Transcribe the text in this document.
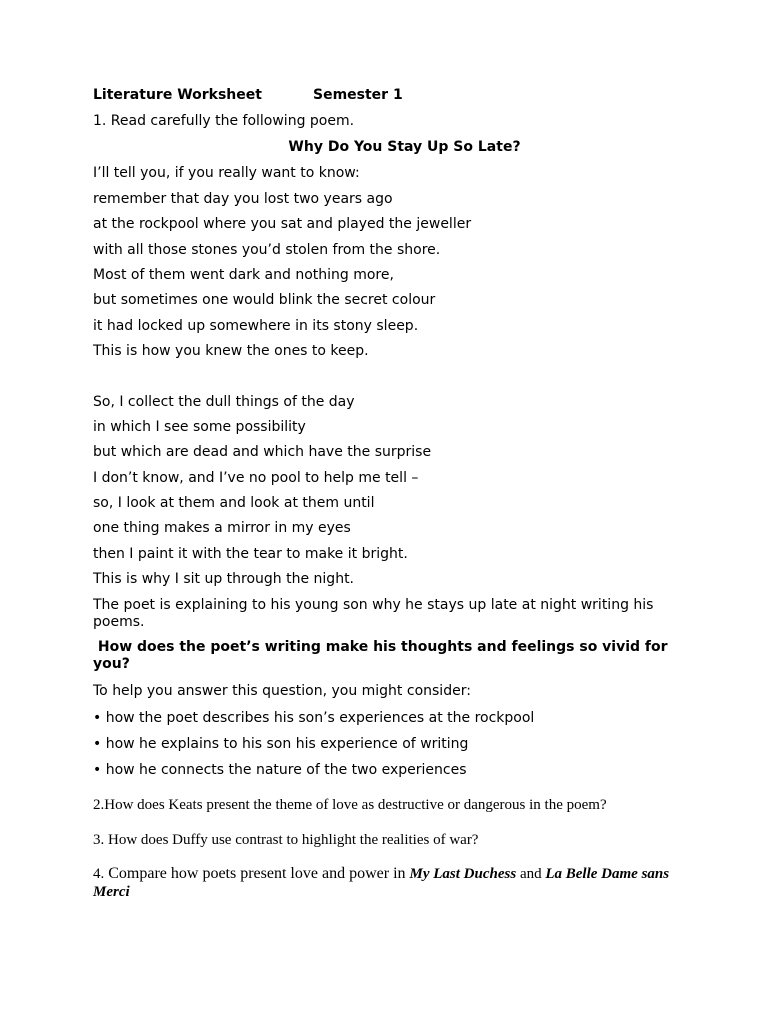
Literature Worksheet	Semester 1
1. Read carefully the following poem.
Why Do You Stay Up So Late?
I’ll tell you, if you really want to know:
remember that day you lost two years ago
at the rockpool where you sat and played the jeweller
with all those stones you’d stolen from the shore.
Most of them went dark and nothing more,
but sometimes one would blink the secret colour
it had locked up somewhere in its stony sleep.
This is how you knew the ones to keep.
So, I collect the dull things of the day
in which I see some possibility
but which are dead and which have the surprise
I don’t know, and I’ve no pool to help me tell –
so, I look at them and look at them until
one thing makes a mirror in my eyes
then I paint it with the tear to make it bright.
This is why I sit up through the night.
The poet is explaining to his young son why he stays up late at night writing his poems.
How does the poet’s writing make his thoughts and feelings so vivid for you?
To help you answer this question, you might consider:
• how the poet describes his son’s experiences at the rockpool
• how he explains to his son his experience of writing
• how he connects the nature of the two experiences
2.How does Keats present the theme of love as destructive or dangerous in the poem?
3. How does Duffy use contrast to highlight the realities of war?
4. Compare how poets present love and power in My Last Duchess and La Belle Dame sans Merci
